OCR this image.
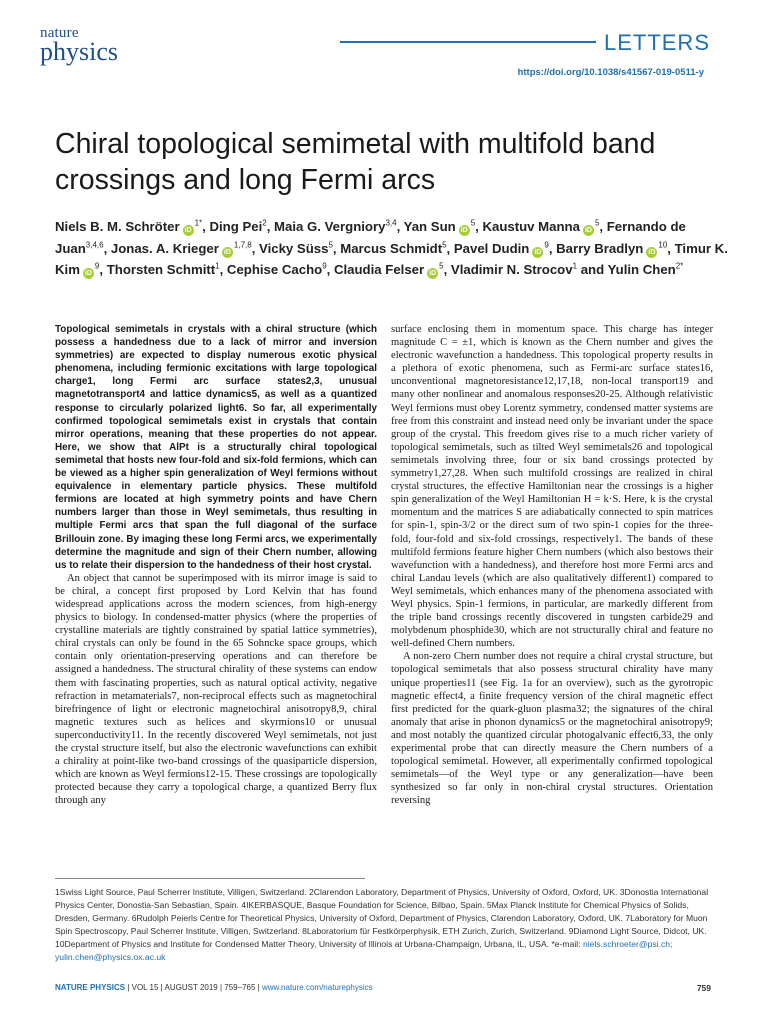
nature
physics	LETTERS
https://doi.org/10.1038/s41567-019-0511-y
Chiral topological semimetal with multifold band crossings and long Fermi arcs
Niels B. M. Schröter $iD^{1*}$, Ding Pei$^2$, Maia G. Vergniory$^{3,4}$, Yan Sun $iD^5$, Kaustuv Manna $iD^5$, Fernando de Juan$^{3,4,6}$, Jonas. A. Krieger iD$^{1,7,8}$, Vicky Süss$^5$, Marcus Schmidt$^5$, Pavel Dudin $iD^9$, Barry Bradlyn $iD^{10}$, Timur K. Kim $iD^9$, Thorsten Schmitt$^1$, Cephise Cacho$^9$, Claudia Felser $iD^5$, Vladimir N. Strocov$^1$ and Yulin Chen$^{2*}$

Topological semimetals in crystals with a chiral structure (which possess a handedness due to a lack of mirror and inversion symmetries) are expected to display numerous exotic physical phenomena, including fermionic excitations with large topological charge1, long Fermi arc surface states2,3, unusual magnetotransport4 and lattice dynamics5, as well as a quantized response to circularly polarized light6. So far, all experimentally confirmed topological semimetals exist in crystals that contain mirror operations, meaning that these properties do not appear. Here, we show that AlPt is a structurally chiral topological semimetal that hosts new four-fold and six-fold fermions, which can be viewed as a higher spin generalization of Weyl fermions without equivalence in elementary particle physics. These multifold fermions are located at high symmetry points and have Chern numbers larger than those in Weyl semimetals, thus resulting in multiple Fermi arcs that span the full diagonal of the surface Brillouin zone. By imaging these long Fermi arcs, we experimentally determine the magnitude and sign of their Chern number, allowing us to relate their dispersion to the handedness of their host crystal.

An object that cannot be superimposed with its mirror image is said to be chiral, a concept first proposed by Lord Kelvin that has found widespread applications across the modern sciences, from high-energy physics to biology. In condensed-matter physics (where the properties of crystalline materials are tightly constrained by spatial lattice symmetries), chiral crystals can only be found in the 65 Sohncke space groups, which contain only orientation-preserving operations and can therefore be assigned a handedness. The structural chirality of these systems can endow them with fascinating properties, such as natural optical activity, negative refraction in metamaterials7, non-reciprocal effects such as magnetochiral birefringence of light or electronic magnetochiral anisotropy8,9, chiral magnetic textures such as helices and skyrmions10 or unusual superconductivity11. In the recently discovered Weyl semimetals, not just the crystal structure itself, but also the electronic wavefunctions can exhibit a chirality at point-like two-band crossings of the quasiparticle dispersion, which are known as Weyl fermions12-15. These crossings are topologically protected because they carry a topological charge, a quantized Berry flux through any

surface enclosing them in momentum space. This charge has integer magnitude C = ±1, which is known as the Chern number and gives the electronic wavefunction a handedness. This topological property results in a plethora of exotic phenomena, such as Fermi-arc surface states16, unconventional magnetoresistance12,17,18, non-local transport19 and many other nonlinear and anomalous responses20-25. Although relativistic Weyl fermions must obey Lorentz symmetry, condensed matter systems are free from this constraint and instead need only be invariant under the space group of the crystal. This freedom gives rise to a much richer variety of topological semimetals, such as tilted Weyl semimetals26 and topological semimetals involving three, four or six band crossings protected by symmetry1,27,28. When such multifold crossings are realized in chiral crystal structures, the effective Hamiltonian near the crossings is a higher spin generalization of the Weyl Hamiltonian H = k·S. Here, k is the crystal momentum and the matrices S are adiabatically connected to spin matrices for spin-1, spin-3/2 or the direct sum of two spin-1 copies for the three-fold, four-fold and six-fold crossings, respectively1. The bands of these multifold fermions feature higher Chern numbers (which also bestows their wavefunction with a handedness), and therefore host more Fermi arcs and chiral Landau levels (which are also qualitatively different1) compared to Weyl semimetals, which enhances many of the phenomena associated with Weyl physics. Spin-1 fermions, in particular, are markedly different from the triple band crossings recently discovered in tungsten carbide29 and molybdenum phosphide30, which are not structurally chiral and feature no well-defined Chern numbers.

A non-zero Chern number does not require a chiral crystal structure, but topological semimetals that also possess structural chirality have many unique properties11 (see Fig. 1a for an overview), such as the gyrotropic magnetic effect4, a finite frequency version of the chiral magnetic effect first predicted for the quark-gluon plasma32; the signatures of the chiral anomaly that arise in phonon dynamics5 or the magnetochiral anisotropy9; and most notably the quantized circular photogalvanic effect6,33, the only experimental probe that can directly measure the Chern numbers of a topological semimetal. However, all experimentally confirmed topological semimetals—of the Weyl type or any generalization—have been synthesized so far only in non-chiral crystal structures. Orientation reversing

1Swiss Light Source, Paul Scherrer Institute, Villigen, Switzerland. 2Clarendon Laboratory, Department of Physics, University of Oxford, Oxford, UK. 3Donostia International Physics Center, Donostia-San Sebastian, Spain. 4IKERBASQUE, Basque Foundation for Science, Bilbao, Spain. 5Max Planck Institute for Chemical Physics of Solids, Dresden, Germany. 6Rudolph Peierls Centre for Theoretical Physics, University of Oxford, Department of Physics, Clarendon Laboratory, Oxford, UK. 7Laboratory for Muon Spin Spectroscopy, Paul Scherrer Institute, Villigen, Switzerland. 8Laboratorium für Festkörperphysik, ETH Zurich, Zurich, Switzerland. 9Diamond Light Source, Didcot, UK. 10Department of Physics and Institute for Condensed Matter Theory, University of Illinois at Urbana-Champaign, Urbana, IL, USA. *e-mail: niels.schroeter@psi.ch; yulin.chen@physics.ox.ac.uk

NATURE PHYSICS | VOL 15 | AUGUST 2019 | 759–765 | www.nature.com/naturephysics	759
